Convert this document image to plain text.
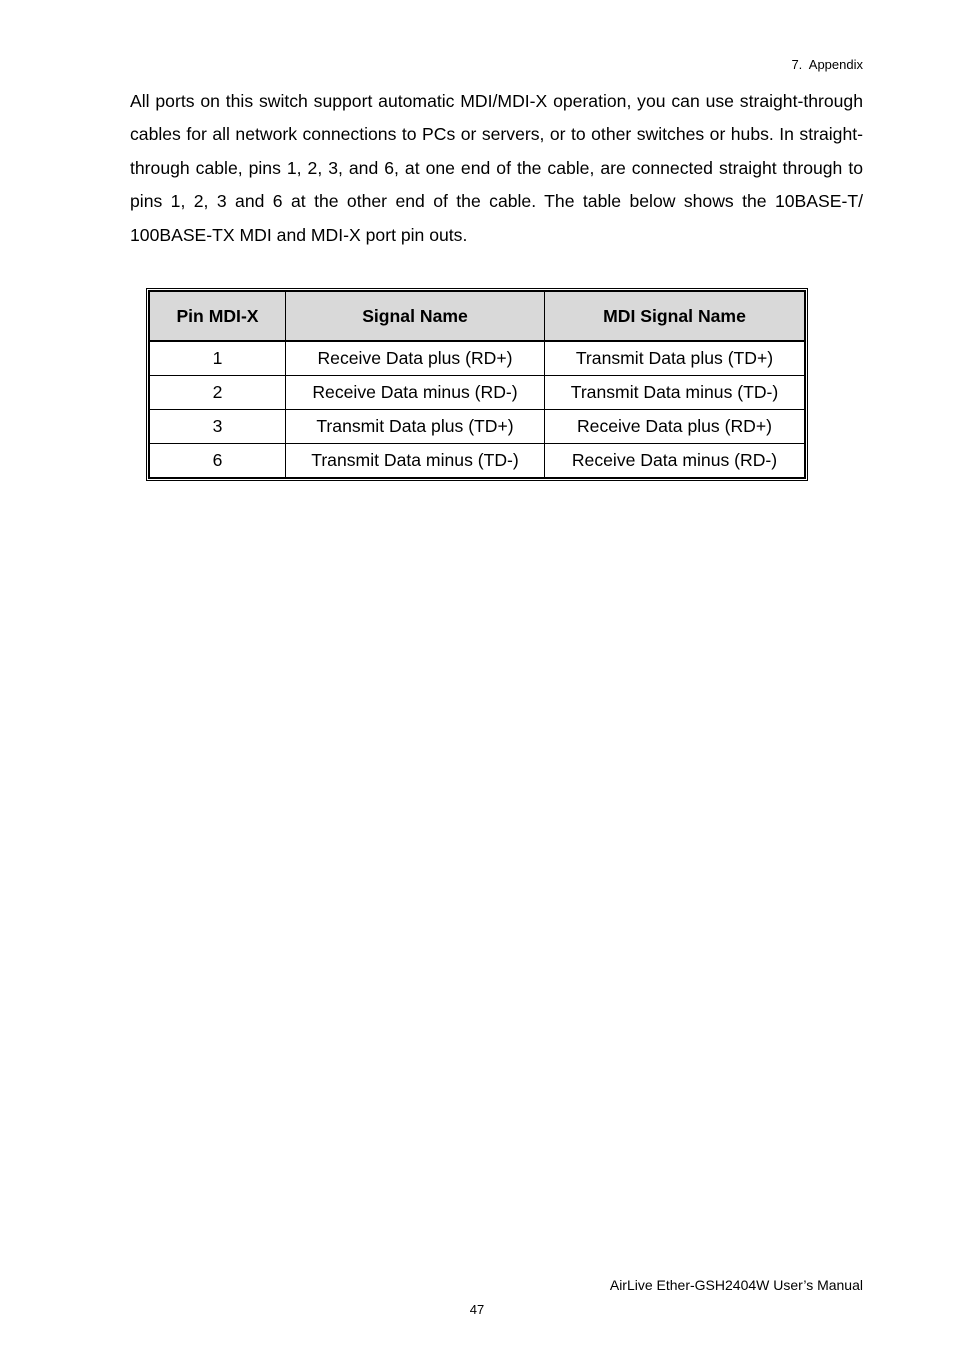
7.  Appendix

All ports on this switch support automatic MDI/MDI-X operation, you can use straight-through cables for all network connections to PCs or servers, or to other switches or hubs. In straight-through cable, pins 1, 2, 3, and 6, at one end of the cable, are connected straight through to pins 1, 2, 3 and 6 at the other end of the cable. The table below shows the 10BASE-T/ 100BASE-TX MDI and MDI-X port pin outs.

Pin MDI-X	Signal Name	MDI Signal Name
1	Receive Data plus (RD+)	Transmit Data plus (TD+)
2	Receive Data minus (RD-)	Transmit Data minus (TD-)
3	Transmit Data plus (TD+)	Receive Data plus (RD+)
6	Transmit Data minus (TD-)	Receive Data minus (RD-)
AirLive Ether-GSH2404W User’s Manual
47
